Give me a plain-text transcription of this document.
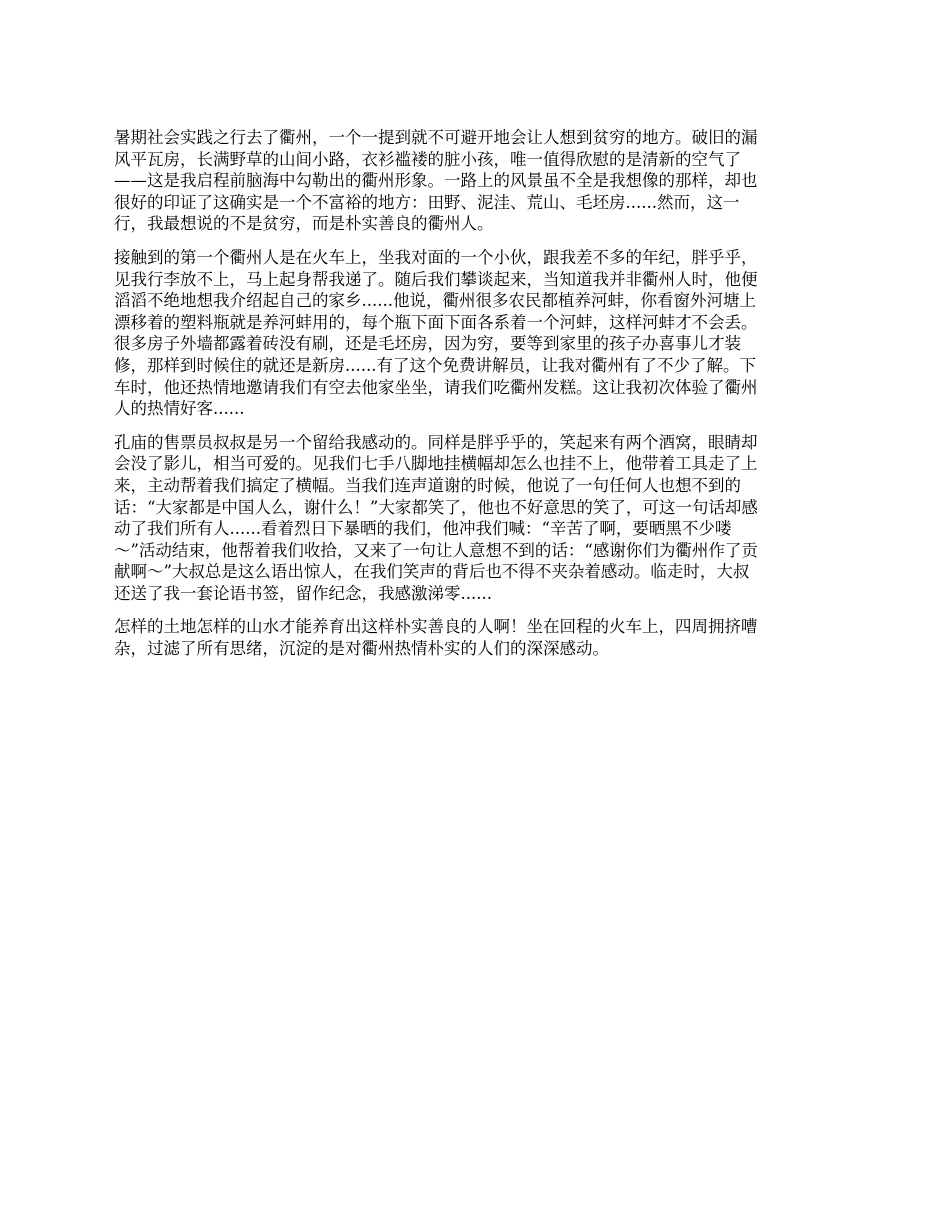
暑期社会实践之行去了衢州，一个一提到就不可避开地会让人想到贫穷的地方。破旧的漏
风平瓦房，长满野草的山间小路，衣衫褴褛的脏小孩，唯一值得欣慰的是清新的空气了
——这是我启程前脑海中勾勒出的衢州形象。一路上的风景虽不全是我想像的那样，却也
很好的印证了这确实是一个不富裕的地方：田野、泥洼、荒山、毛坯房......然而，这一
行，我最想说的不是贫穷，而是朴实善良的衢州人。

接触到的第一个衢州人是在火车上，坐我对面的一个小伙，跟我差不多的年纪，胖乎乎，
见我行李放不上，马上起身帮我递了。随后我们攀谈起来，当知道我并非衢州人时，他便
滔滔不绝地想我介绍起自己的家乡......他说，衢州很多农民都植养河蚌，你看窗外河塘上
漂移着的塑料瓶就是养河蚌用的，每个瓶下面下面各系着一个河蚌，这样河蚌才不会丢。
很多房子外墙都露着砖没有刷，还是毛坯房，因为穷，要等到家里的孩子办喜事儿才装
修，那样到时候住的就还是新房......有了这个免费讲解员，让我对衢州有了不少了解。下
车时，他还热情地邀请我们有空去他家坐坐，请我们吃衢州发糕。这让我初次体验了衢州
人的热情好客......

孔庙的售票员叔叔是另一个留给我感动的。同样是胖乎乎的，笑起来有两个酒窝，眼睛却
会没了影儿，相当可爱的。见我们七手八脚地挂横幅却怎么也挂不上，他带着工具走了上
来，主动帮着我们搞定了横幅。当我们连声道谢的时候，他说了一句任何人也想不到的
话：“大家都是中国人么，谢什么！”大家都笑了，他也不好意思的笑了，可这一句话却感
动了我们所有人......看着烈日下暴晒的我们，他冲我们喊：“辛苦了啊，要晒黑不少喽
～”活动结束，他帮着我们收拾，又来了一句让人意想不到的话：“感谢你们为衢州作了贡
献啊～”大叔总是这么语出惊人，在我们笑声的背后也不得不夹杂着感动。临走时，大叔
还送了我一套论语书签，留作纪念，我感激涕零......

怎样的土地怎样的山水才能养育出这样朴实善良的人啊！坐在回程的火车上，四周拥挤嘈
杂，过滤了所有思绪，沉淀的是对衢州热情朴实的人们的深深感动。
